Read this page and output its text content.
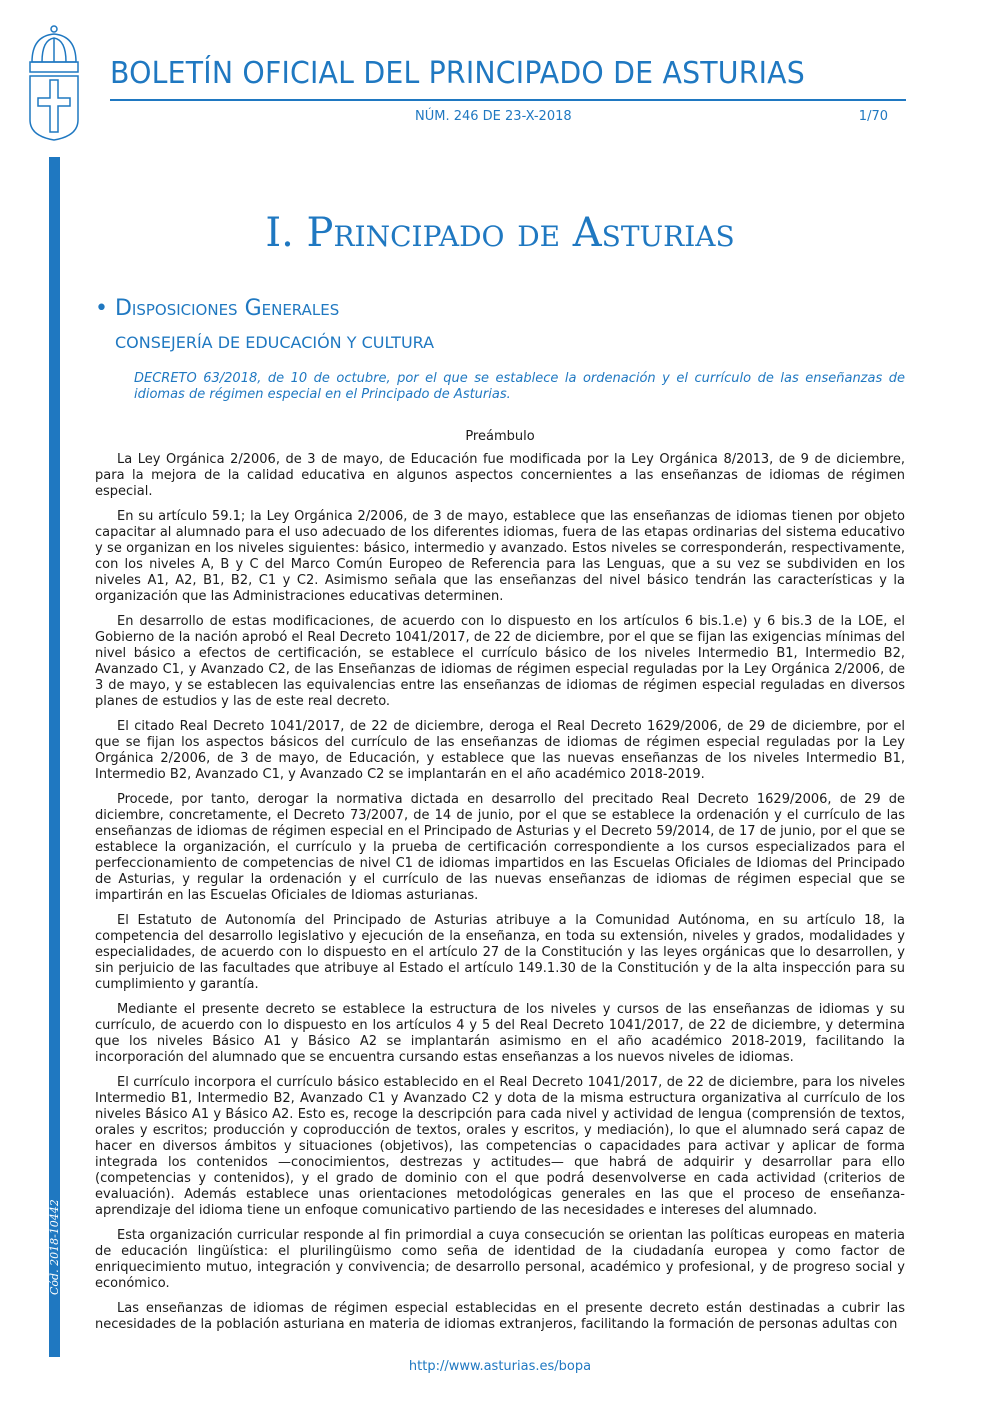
BOLETÍN OFICIAL DEL PRINCIPADO DE ASTURIAS
NÚM. 246 DE 23-X-2018	1/70
Cód. 2018-10442
I. Principado de Asturias
• Disposiciones Generales
CONSEJERÍA DE EDUCACIÓN Y CULTURA
DECRETO 63/2018, de 10 de octubre, por el que se establece la ordenación y el currículo de las enseñanzas de idiomas de régimen especial en el Principado de Asturias.
Preámbulo

La Ley Orgánica 2/2006, de 3 de mayo, de Educación fue modificada por la Ley Orgánica 8/2013, de 9 de diciembre, para la mejora de la calidad educativa en algunos aspectos concernientes a las enseñanzas de idiomas de régimen especial.

En su artículo 59.1; la Ley Orgánica 2/2006, de 3 de mayo, establece que las enseñanzas de idiomas tienen por objeto capacitar al alumnado para el uso adecuado de los diferentes idiomas, fuera de las etapas ordinarias del sistema educativo y se organizan en los niveles siguientes: básico, intermedio y avanzado. Estos niveles se corresponderán, respectivamente, con los niveles A, B y C del Marco Común Europeo de Referencia para las Lenguas, que a su vez se subdividen en los niveles A1, A2, B1, B2, C1 y C2. Asimismo señala que las enseñanzas del nivel básico tendrán las características y la organización que las Administraciones educativas determinen.

En desarrollo de estas modificaciones, de acuerdo con lo dispuesto en los artículos 6 bis.1.e) y 6 bis.3 de la LOE, el Gobierno de la nación aprobó el Real Decreto 1041/2017, de 22 de diciembre, por el que se fijan las exigencias mínimas del nivel básico a efectos de certificación, se establece el currículo básico de los niveles Intermedio B1, Intermedio B2, Avanzado C1, y Avanzado C2, de las Enseñanzas de idiomas de régimen especial reguladas por la Ley Orgánica 2/2006, de 3 de mayo, y se establecen las equivalencias entre las enseñanzas de idiomas de régimen especial reguladas en diversos planes de estudios y las de este real decreto.

El citado Real Decreto 1041/2017, de 22 de diciembre, deroga el Real Decreto 1629/2006, de 29 de diciembre, por el que se fijan los aspectos básicos del currículo de las enseñanzas de idiomas de régimen especial reguladas por la Ley Orgánica 2/2006, de 3 de mayo, de Educación, y establece que las nuevas enseñanzas de los niveles Intermedio B1, Intermedio B2, Avanzado C1, y Avanzado C2 se implantarán en el año académico 2018-2019.

Procede, por tanto, derogar la normativa dictada en desarrollo del precitado Real Decreto 1629/2006, de 29 de diciembre, concretamente, el Decreto 73/2007, de 14 de junio, por el que se establece la ordenación y el currículo de las enseñanzas de idiomas de régimen especial en el Principado de Asturias y el Decreto 59/2014, de 17 de junio, por el que se establece la organización, el currículo y la prueba de certificación correspondiente a los cursos especializados para el perfeccionamiento de competencias de nivel C1 de idiomas impartidos en las Escuelas Oficiales de Idiomas del Principado de Asturias, y regular la ordenación y el currículo de las nuevas enseñanzas de idiomas de régimen especial que se impartirán en las Escuelas Oficiales de Idiomas asturianas.

El Estatuto de Autonomía del Principado de Asturias atribuye a la Comunidad Autónoma, en su artículo 18, la competencia del desarrollo legislativo y ejecución de la enseñanza, en toda su extensión, niveles y grados, modalidades y especialidades, de acuerdo con lo dispuesto en el artículo 27 de la Constitución y las leyes orgánicas que lo desarrollen, y sin perjuicio de las facultades que atribuye al Estado el artículo 149.1.30 de la Constitución y de la alta inspección para su cumplimiento y garantía.

Mediante el presente decreto se establece la estructura de los niveles y cursos de las enseñanzas de idiomas y su currículo, de acuerdo con lo dispuesto en los artículos 4 y 5 del Real Decreto 1041/2017, de 22 de diciembre, y determina que los niveles Básico A1 y Básico A2 se implantarán asimismo en el año académico 2018-2019, facilitando la incorporación del alumnado que se encuentra cursando estas enseñanzas a los nuevos niveles de idiomas.

El currículo incorpora el currículo básico establecido en el Real Decreto 1041/2017, de 22 de diciembre, para los niveles Intermedio B1, Intermedio B2, Avanzado C1 y Avanzado C2 y dota de la misma estructura organizativa al currículo de los niveles Básico A1 y Básico A2. Esto es, recoge la descripción para cada nivel y actividad de lengua (comprensión de textos, orales y escritos; producción y coproducción de textos, orales y escritos, y mediación), lo que el alumnado será capaz de hacer en diversos ámbitos y situaciones (objetivos), las competencias o capacidades para activar y aplicar de forma integrada los contenidos —conocimientos, destrezas y actitudes— que habrá de adquirir y desarrollar para ello (competencias y contenidos), y el grado de dominio con el que podrá desenvolverse en cada actividad (criterios de evaluación). Además establece unas orientaciones metodológicas generales en las que el proceso de enseñanza-aprendizaje del idioma tiene un enfoque comunicativo partiendo de las necesidades e intereses del alumnado.

Esta organización curricular responde al fin primordial a cuya consecución se orientan las políticas europeas en materia de educación lingüística: el plurilingüismo como seña de identidad de la ciudadanía europea y como factor de enriquecimiento mutuo, integración y convivencia; de desarrollo personal, académico y profesional, y de progreso social y económico.

Las enseñanzas de idiomas de régimen especial establecidas en el presente decreto están destinadas a cubrir las necesidades de la población asturiana en materia de idiomas extranjeros, facilitando la formación de personas adultas con

http://www.asturias.es/bopa
